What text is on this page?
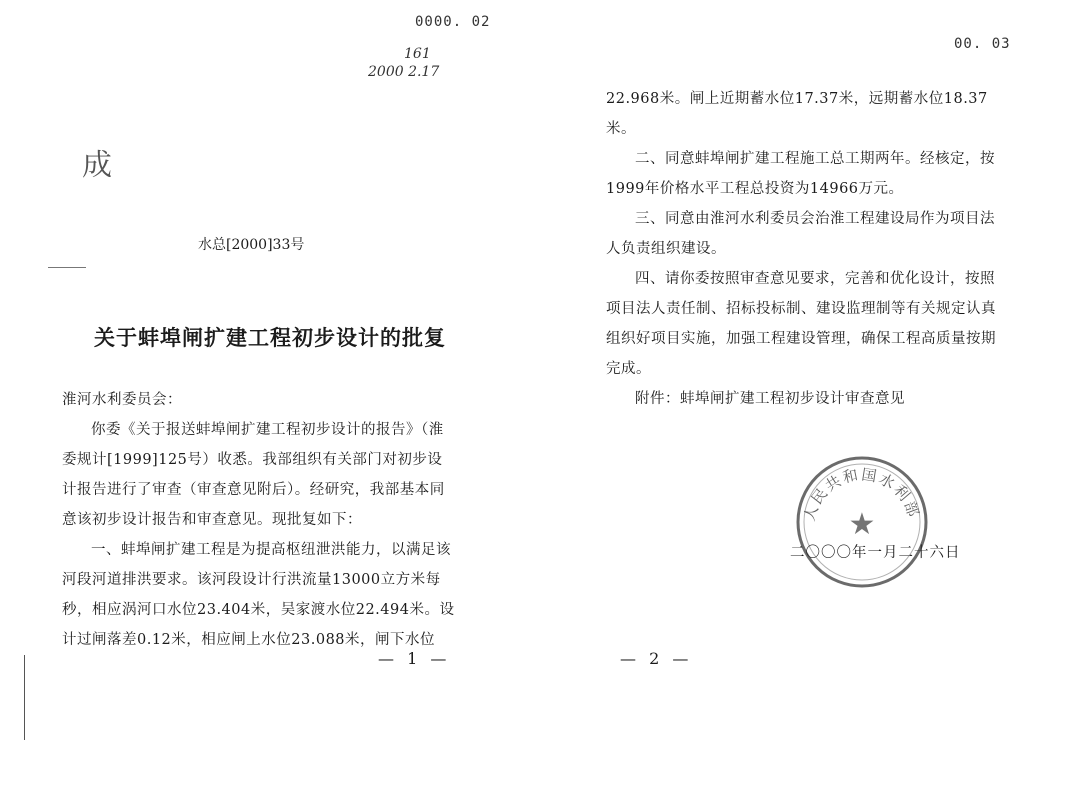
0000. 02
161
2000 2.17
成
水总[2000]33号
关于蚌埠闸扩建工程初步设计的批复

淮河水利委员会：

你委《关于报送蚌埠闸扩建工程初步设计的报告》（淮委规计[1999]125号）收悉。我部组织有关部门对初步设计报告进行了审查（审查意见附后）。经研究，我部基本同意该初步设计报告和审查意见。现批复如下：

一、蚌埠闸扩建工程是为提高枢纽泄洪能力，以满足该河段河道排洪要求。该河段设计行洪流量13000立方米每秒，相应涡河口水位23.404米，吴家渡水位22.494米。设计过闸落差0.12米，相应闸上水位23.088米，闸下水位

— 1 —
00. 03

22.968米。闸上近期蓄水位17.37米，远期蓄水位18.37米。

二、同意蚌埠闸扩建工程施工总工期两年。经核定，按1999年价格水平工程总投资为14966万元。

三、同意由淮河水利委员会治淮工程建设局作为项目法人负责组织建设。

四、请你委按照审查意见要求，完善和优化设计，按照项目法人责任制、招标投标制、建设监理制等有关规定认真组织好项目实施，加强工程建设管理，确保工程高质量按期完成。

附件：蚌埠闸扩建工程初步设计审查意见

— 2 —
人民共和国水利部
★
二〇〇〇年一月二十六日
